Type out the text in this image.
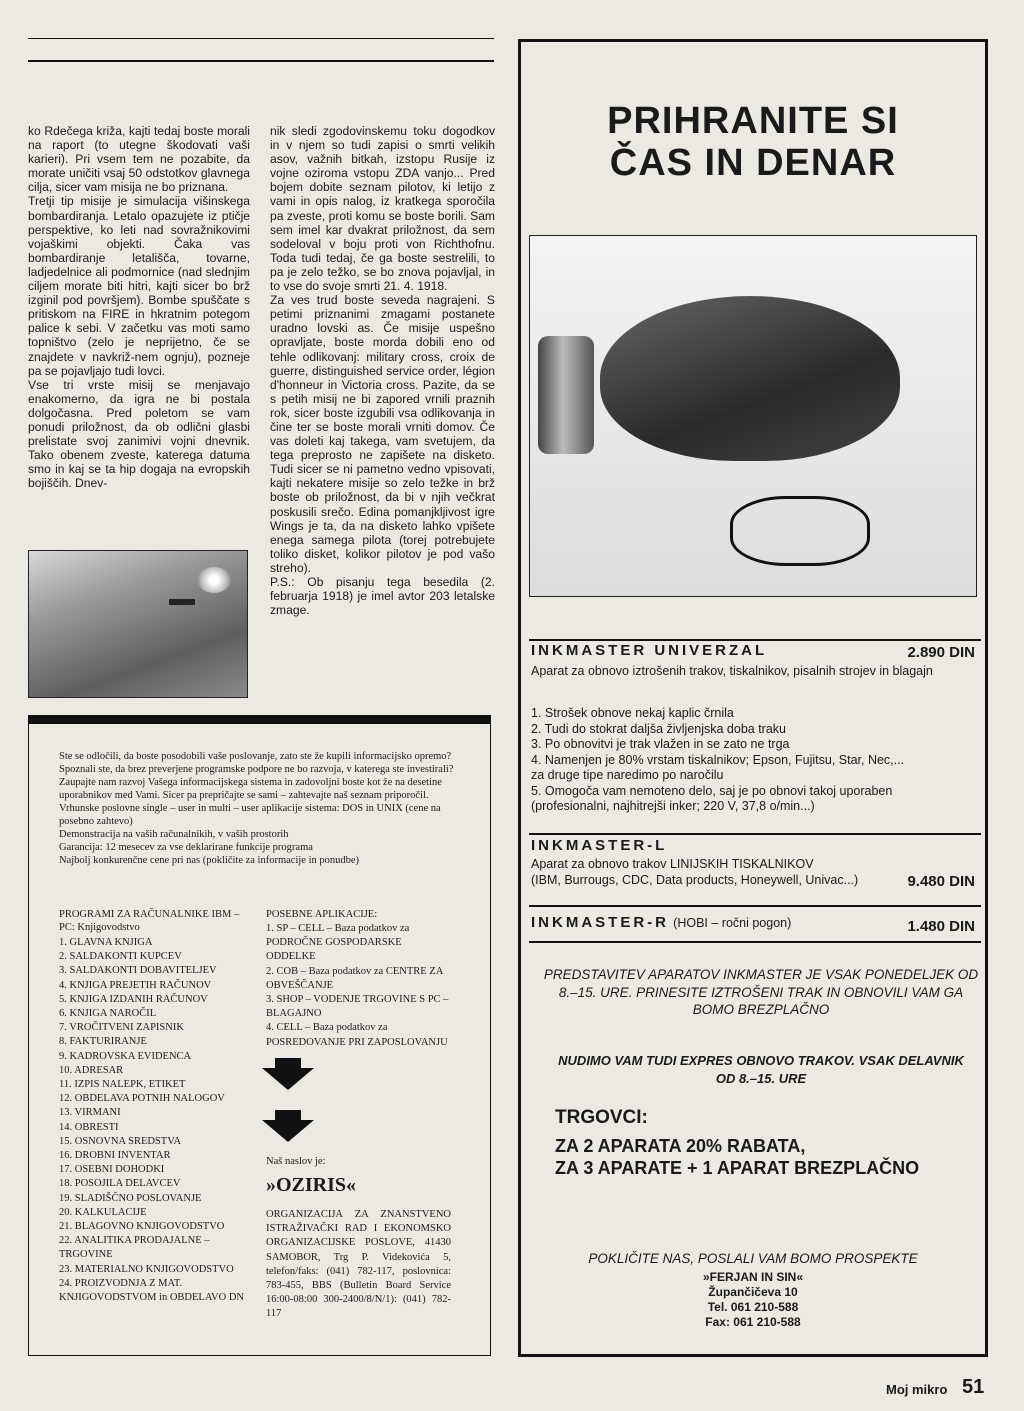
ko Rdečega križa, kajti tedaj boste morali na raport (to utegne škodovati vaši karieri). Pri vsem tem ne pozabite, da morate uničiti vsaj 50 odstotkov glavnega cilja, sicer vam misija ne bo priznana.
Tretji tip misije je simulacija višinskega bombardiranja. Letalo opazujete iz ptičje perspektive, ko leti nad sovražnikovimi vojaškimi objekti. Čaka vas bombardiranje letališča, tovarne, ladjedelnice ali podmornice (nad slednjim ciljem morate biti hitri, kajti sicer bo brž izginil pod površjem). Bombe spuščate s pritiskom na FIRE in hkratnim potegom palice k sebi. V začetku vas moti samo topništvo (zelo je neprijetno, če se znajdete v navkriž-nem ognju), pozneje pa se pojavljajo tudi lovci.
Vse tri vrste misij se menjavajo enakomerno, da igra ne bi postala dolgočasna. Pred poletom se vam ponudi priložnost, da ob odlični glasbi prelistate svoj zanimivi vojni dnevnik. Tako obenem zveste, katerega datuma smo in kaj se ta hip dogaja na evropskih bojiščih. Dnev-
nik sledi zgodovinskemu toku dogodkov in v njem so tudi zapisi o smrti velikih asov, važnih bitkah, izstopu Rusije iz vojne oziroma vstopu ZDA vanjo... Pred bojem dobite seznam pilotov, ki letijo z vami in opis nalog, iz kratkega sporočila pa zveste, proti komu se boste borili. Sam sem imel kar dvakrat priložnost, da sem sodeloval v boju proti von Richthofnu. Toda tudi tedaj, če ga boste sestrelili, to pa je zelo težko, se bo znova pojavljal, in to vse do svoje smrti 21. 4. 1918.
Za ves trud boste seveda nagrajeni. S petimi priznanimi zmagami postanete uradno lovski as. Če misije uspešno opravljate, boste morda dobili eno od tehle odlikovanj: military cross, croix de guerre, distinguished service order, légion d'honneur in Victoria cross. Pazite, da se s petih misij ne bi zapored vrnili praznih rok, sicer boste izgubili vsa odlikovanja in čine ter se boste morali vrniti domov. Če vas doleti kaj takega, vam svetujem, da tega preprosto ne zapišete na disketo. Tudi sicer se ni pametno vedno vpisovati, kajti nekatere misije so zelo težke in brž boste ob priložnost, da bi v njih večkrat poskusili srečo. Edina pomanjkljivost igre Wings je ta, da na disketo lahko vpišete enega samega pilota (torej potrebujete toliko disket, kolikor pilotov je pod vašo streho).
P.S.: Ob pisanju tega besedila (2. februarja 1918) je imel avtor 203 letalske zmage.
Ste se odločili, da boste posodobili vaše poslovanje, zato ste že kupili informacijsko opremo?
Spoznali ste, da brez preverjene programske podpore ne bo razvoja, v katerega ste investirali?
Zaupajte nam razvoj Vašega informacijskega sistema in zadovoljni boste kot že na desetine uporabnikov med Vami. Sicer pa prepričajte se sami – zahtevajte naš seznam priporočil.
Vrhunske poslovne single – user in multi – user aplikacije sistema: DOS in UNIX (cene na posebno zahtevo)
Demonstracija na vaših računalnikih, v vaših prostorih
Garancija: 12 mesecev za vse deklarirane funkcije programa
Najbolj konkurenčne cene pri nas (pokličite za informacije in ponudbe)
PROGRAMI ZA RAČUNALNIKE IBM – PC: Knjigovodstvo
1. GLAVNA KNJIGA
2. SALDAKONTI KUPCEV
3. SALDAKONTI DOBAVITELJEV
4. KNJIGA PREJETIH RAČUNOV
5. KNJIGA IZDANIH RAČUNOV
6. KNJIGA NAROČIL
7. VROČITVENI ZAPISNIK
8. FAKTURIRANJE
9. KADROVSKA EVIDENCA
10. ADRESAR
11. IZPIS NALEPK, ETIKET
12. OBDELAVA POTNIH NALOGOV
13. VIRMANI
14. OBRESTI
15. OSNOVNA SREDSTVA
16. DROBNI INVENTAR
17. OSEBNI DOHODKI
18. POSOJILA DELAVCEV
19. SLADIŠČNO POSLOVANJE
20. KALKULACIJE
21. BLAGOVNO KNJIGOVODSTVO
22. ANALITIKA PRODAJALNE – TRGOVINE
23. MATERIALNO KNJIGOVODSTVO
24. PROIZVODNJA Z MAT. KNJIGOVODSTVOM in OBDELAVO DN
POSEBNE APLIKACIJE:
1. SP – CELL – Baza podatkov za PODROČNE GOSPODARSKE ODDELKE
2. COB – Baza podatkov za CENTRE ZA OBVEŠČANJE
3. SHOP – VODENJE TRGOVINE S PC – BLAGAJNO
4. CELL – Baza podatkov za POSREDOVANJE PRI ZAPOSLOVANJU
Naš naslov je:
»OZIRIS«
ORGANIZACIJA ZA ZNANSTVENO ISTRAŽIVAČKI RAD I EKONOMSKO ORGANIZACIJSKE POSLOVE, 41430 SAMOBOR, Trg P. Videkovića 5, telefon/faks: (041) 782-117, poslovnica: 783-455, BBS (Bulletin Board Service 16:00-08:00 300-2400/8/N/1): (041) 782-117
PRIHRANITE SI
ČAS IN DENAR
INKMASTER UNIVERZAL	2.890 DIN
Aparat za obnovo iztrošenih trakov, tiskalnikov, pisalnih strojev in blagajn
1. Strošek obnove nekaj kaplic črnila
2. Tudi do stokrat daljša življenjska doba traku
3. Po obnovitvi je trak vlažen in se zato ne trga
4. Namenjen je 80% vrstam tiskalnikov; Epson, Fujitsu, Star, Nec,...
za druge tipe naredimo po naročilu
5. Omogoča vam nemoteno delo, saj je po obnovi takoj uporaben
(profesionalni, najhitrejši inker; 220 V, 37,8 o/min...)
INKMASTER-L
Aparat za obnovo trakov LINIJSKIH TISKALNIKOV
(IBM, Burrougs, CDC, Data products, Honeywell, Univac...)	9.480 DIN
INKMASTER-R (HOBI – ročni pogon)	1.480 DIN
PREDSTAVITEV APARATOV INKMASTER JE VSAK PONEDELJEK OD 8.–15. URE. PRINESITE IZTROŠENI TRAK IN OBNOVILI VAM GA BOMO BREZPLAČNO
NUDIMO VAM TUDI EXPRES OBNOVO TRAKOV. VSAK DELAVNIK OD 8.–15. URE
TRGOVCI:
ZA 2 APARATA 20% RABATA,
ZA 3 APARATE + 1 APARAT BREZPLAČNO
POKLIČITE NAS, POSLALI VAM BOMO PROSPEKTE
»FERJAN IN SIN«
Župančičeva 10
Tel. 061 210-588
Fax: 061 210-588
Moj mikro 51
